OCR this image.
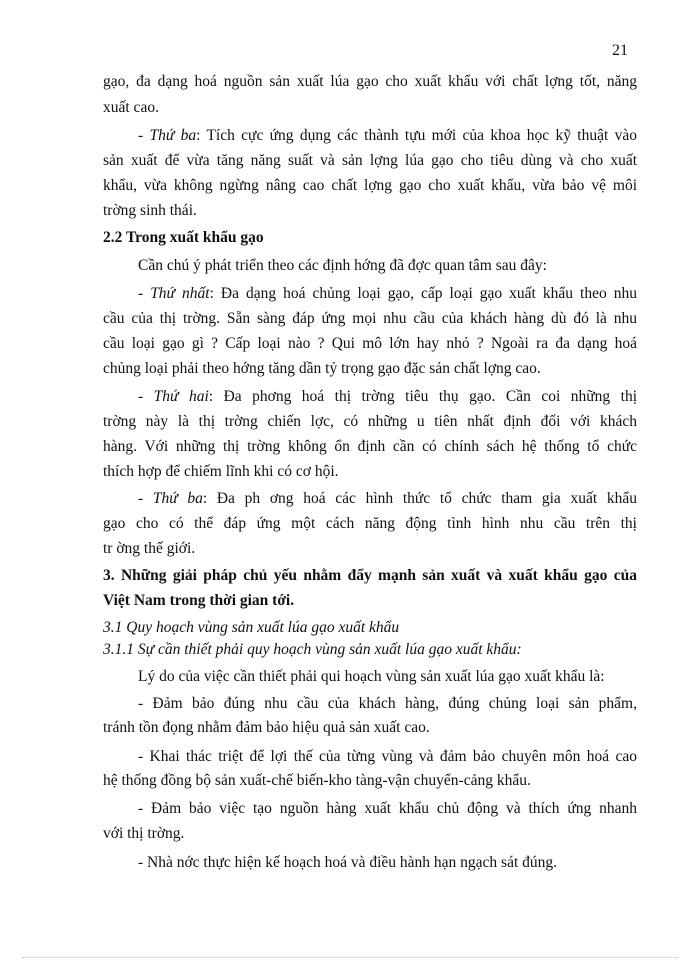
21
gạo, đa dạng hoá nguồn sản xuất lúa gạo cho xuất khẩu với chất lợng tốt, năng
xuất cao.
- Thứ ba: Tích cực ứng dụng các thành tựu mới của khoa học kỹ thuật vào
sản xuất để vừa tăng năng suất và sản lợng lúa gạo cho tiêu dùng và cho xuất
khẩu, vừa không ngừng nâng cao chất lợng gạo cho xuất khẩu, vừa bảo vệ môi
trờng sinh thái.
2.2 Trong xuất khẩu gạo
Cần chú ý phát triển theo các định hớng đã đợc quan tâm sau đây:
- Thứ nhất: Đa dạng hoá chủng loại gạo, cấp loại gạo xuất khẩu theo nhu
cầu của thị trờng. Sẵn sàng đáp ứng mọi nhu cầu của khách hàng dù đó là nhu
cầu loại gạo gì ? Cấp loại nào ? Qui mô lớn hay nhỏ ? Ngoài ra đa dạng hoá
chủng loại phải theo hớng tăng dần tỷ trọng gạo đặc sản chất lợng cao.
- Thứ hai: Đa phơng hoá thị trờng tiêu thụ gạo. Cần coi những thị
trờng này là thị trờng chiến lợc, có những u tiên nhất định đối với khách
hàng. Với những thị trờng không ổn định cần có chính sách hệ thống tổ chức
thích hợp để chiếm lĩnh khi có cơ hội.
- Thứ ba: Đa ph ơng hoá các hình thức tổ chức tham gia xuất khẩu
gạo cho có thể đáp ứng một cách năng động tình hình nhu cầu trên thị
tr ờng thế giới.
3. Những giải pháp chủ yếu nhằm đẩy mạnh sản xuất và xuất khẩu gạo của
Việt Nam trong thời gian tới.
3.1 Quy hoạch vùng sản xuất lúa gạo xuất khẩu
3.1.1 Sự cần thiết phải quy hoạch vùng sản xuất lúa gạo xuất khẩu:
Lý do của việc cần thiết phải qui hoạch vùng sản xuất lúa gạo xuất khẩu là:
- Đảm bảo đúng nhu cầu của khách hàng, đúng chủng loại sản phẩm,
tránh tồn đọng nhằm đảm bảo hiệu quả sản xuất cao.
- Khai thác triệt để lợi thế của từng vùng và đảm bảo chuyên môn hoá cao
hệ thống đồng bộ sản xuất-chế biến-kho tàng-vận chuyển-cảng khẩu.
- Đảm bảo việc tạo nguồn hàng xuất khẩu chủ động và thích ứng nhanh
với thị trờng.
- Nhà nớc thực hiện kế hoạch hoá và điều hành hạn ngạch sát đúng.
